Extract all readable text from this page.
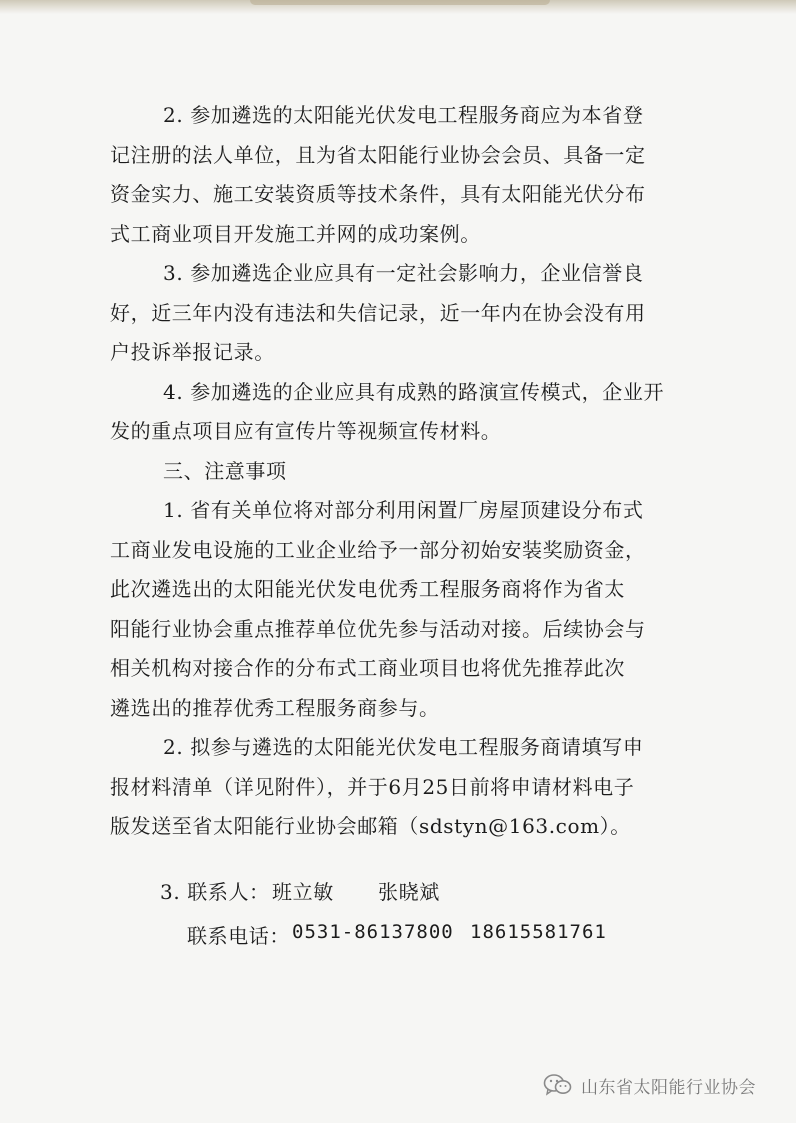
2. 参加遴选的太阳能光伏发电工程服务商应为本省登

记注册的法人单位，且为省太阳能行业协会会员、具备一定

资金实力、施工安装资质等技术条件，具有太阳能光伏分布

式工商业项目开发施工并网的成功案例。

3. 参加遴选企业应具有一定社会影响力，企业信誉良

好，近三年内没有违法和失信记录，近一年内在协会没有用

户投诉举报记录。

4. 参加遴选的企业应具有成熟的路演宣传模式，企业开

发的重点项目应有宣传片等视频宣传材料。

三、注意事项

1. 省有关单位将对部分利用闲置厂房屋顶建设分布式

工商业发电设施的工业企业给予一部分初始安装奖励资金，

此次遴选出的太阳能光伏发电优秀工程服务商将作为省太

阳能行业协会重点推荐单位优先参与活动对接。后续协会与

相关机构对接合作的分布式工商业项目也将优先推荐此次

遴选出的推荐优秀工程服务商参与。

2. 拟参与遴选的太阳能光伏发电工程服务商请填写申

报材料清单（详见附件），并于6月25日前将申请材料电子

版发送至省太阳能行业协会邮箱（sdstyn@163.com）。

3. 联系人： 班立敏 张晓斌
联系电话： 0531-86137800 18615581761
山东省太阳能行业协会
